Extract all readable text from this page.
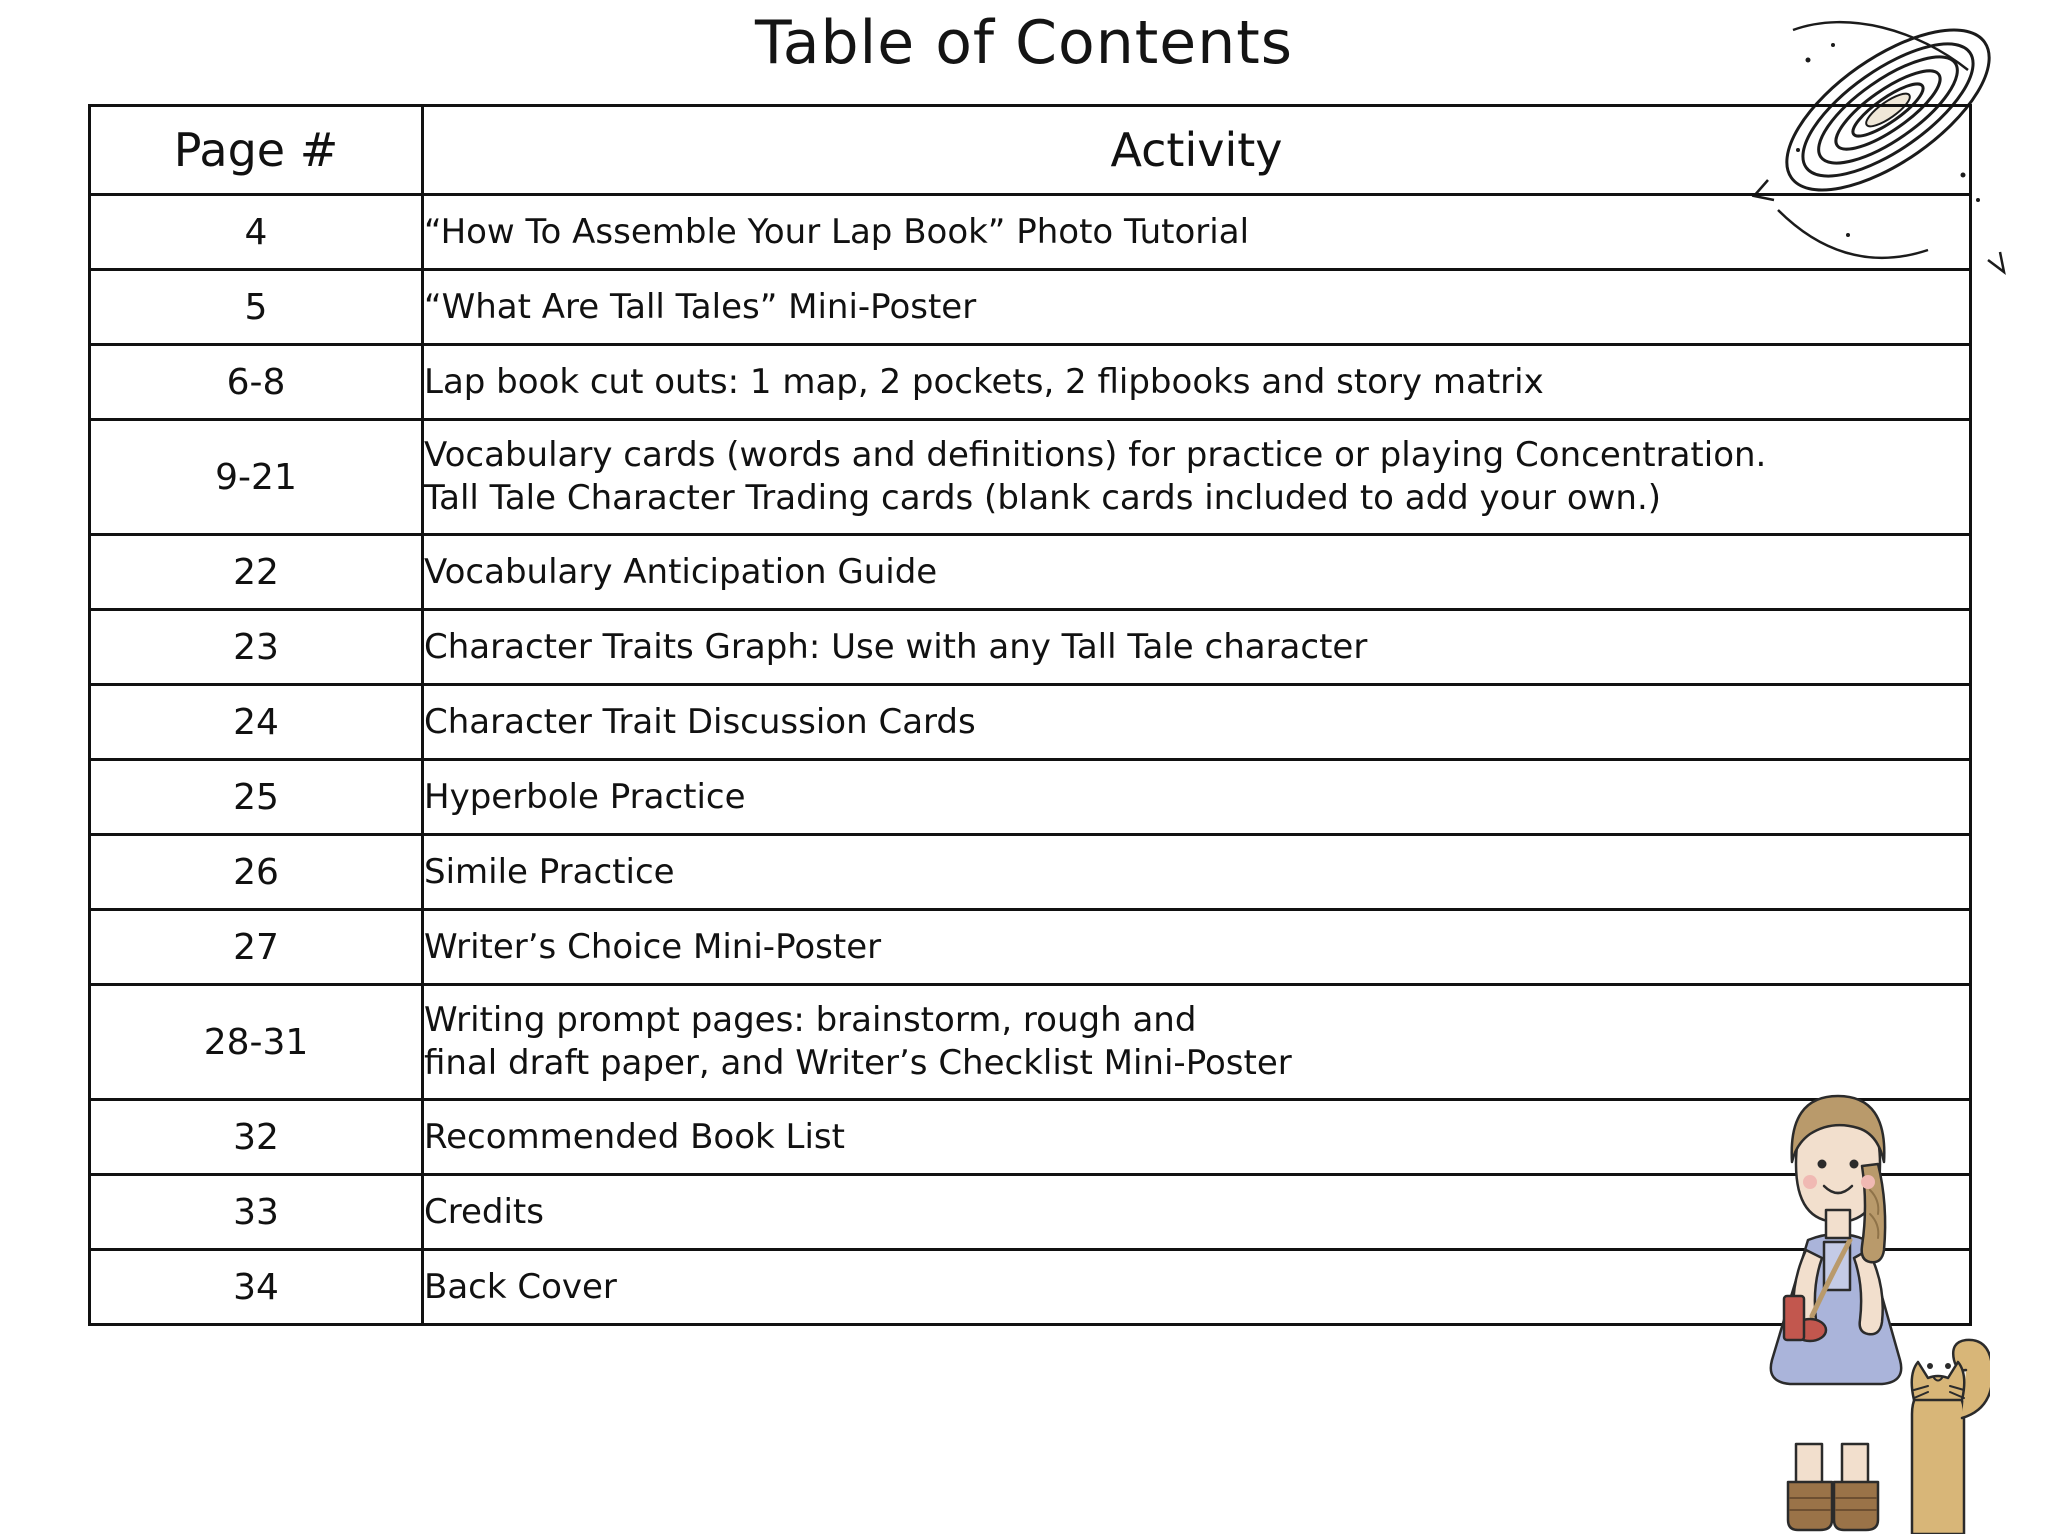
Table of Contents
Page #	Activity
4	“How To Assemble Your Lap Book” Photo Tutorial
5	“What Are Tall Tales” Mini-Poster
6-8	Lap book cut outs: 1 map, 2 pockets, 2 flipbooks and story matrix
9-21	Vocabulary cards (words and definitions) for practice or playing Concentration.
Tall Tale Character Trading cards (blank cards included to add your own.)

22	Vocabulary Anticipation Guide
23	Character Traits Graph: Use with any Tall Tale character
24	Character Trait Discussion Cards
25	Hyperbole Practice
26	Simile Practice
27	Writer’s Choice Mini-Poster
28-31	Writing prompt pages: brainstorm, rough and
final draft paper, and Writer’s Checklist Mini-Poster

32	Recommended Book List
33	Credits
34	Back Cover
